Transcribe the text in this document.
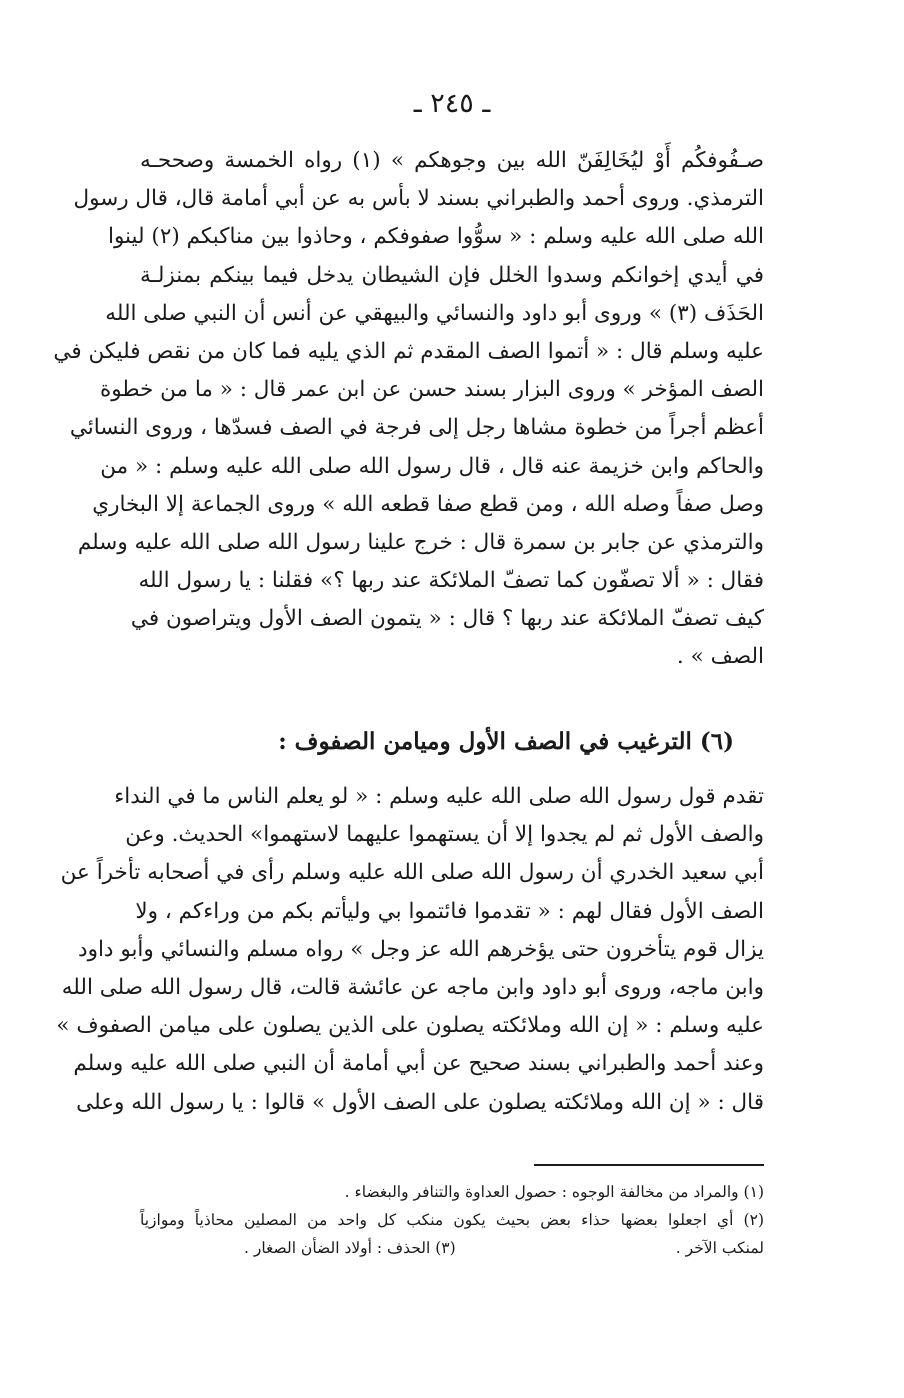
ـ ٢٤٥ ـ
صـفُوفكُم أَوْ ليُخَالِفَنّ الله بين وجوهكم » (١) رواه الخمسة وصححـه
الترمذي. وروى أحمد والطبراني بسند لا بأس به عن أبي أمامة قال، قال رسول
الله صلى الله عليه وسلم : « سوُّوا صفوفكم ، وحاذوا بين مناكبكم (٢) لينوا
في أيدي إخوانكم وسدوا الخلل فإن الشيطان يدخل فيما بينكم بمنزلـة
الحَذَف (٣) » وروى أبو داود والنسائي والبيهقي عن أنس أن النبي صلى الله
عليه وسلم قال : « أتموا الصف المقدم ثم الذي يليه فما كان من نقص فليكن في
الصف المؤخر » وروى البزار بسند حسن عن ابن عمر قال : « ما من خطوة
أعظم أجراً من خطوة مشاها رجل إلى فرجة في الصف فسدّها ، وروى النسائي
والحاكم وابن خزيمة عنه قال ، قال رسول الله صلى الله عليه وسلم : « من
وصل صفاً وصله الله ، ومن قطع صفا قطعه الله » وروى الجماعة إلا البخاري
والترمذي عن جابر بن سمرة قال : خرج علينا رسول الله صلى الله عليه وسلم
فقال : « ألا تصفّون كما تصفّ الملائكة عند ربها ؟» فقلنا : يا رسول الله
كيف تصفّ الملائكة عند ربها ؟ قال : « يتمون الصف الأول ويتراصون في
الصف » .
(٦) الترغيب في الصف الأول وميامن الصفوف :
تقدم قول رسول الله صلى الله عليه وسلم : « لو يعلم الناس ما في النداء
والصف الأول ثم لم يجدوا إلا أن يستهموا عليهما لاستهموا» الحديث. وعن
أبي سعيد الخدري أن رسول الله صلى الله عليه وسلم رأى في أصحابه تأخراً عن
الصف الأول فقال لهم : « تقدموا فائتموا بي وليأتم بكم من وراءكم ، ولا
يزال قوم يتأخرون حتى يؤخرهم الله عز وجل » رواه مسلم والنسائي وأبو داود
وابن ماجه، وروى أبو داود وابن ماجه عن عائشة قالت، قال رسول الله صلى الله
عليه وسلم : « إن الله وملائكته يصلون على الذين يصلون على ميامن الصفوف »
وعند أحمد والطبراني بسند صحيح عن أبي أمامة أن النبي صلى الله عليه وسلم
قال : « إن الله وملائكته يصلون على الصف الأول » قالوا : يا رسول الله وعلى
(١) والمراد من مخالفة الوجوه : حصول العداوة والتنافر والبغضاء .
(٢) أي اجعلوا بعضها حذاء بعض بحيث يكون منكب كل واحد من المصلين محاذياً وموازياً
لمنكب الآخر .
(٣) الحذف : أولاد الضأن الصغار .
